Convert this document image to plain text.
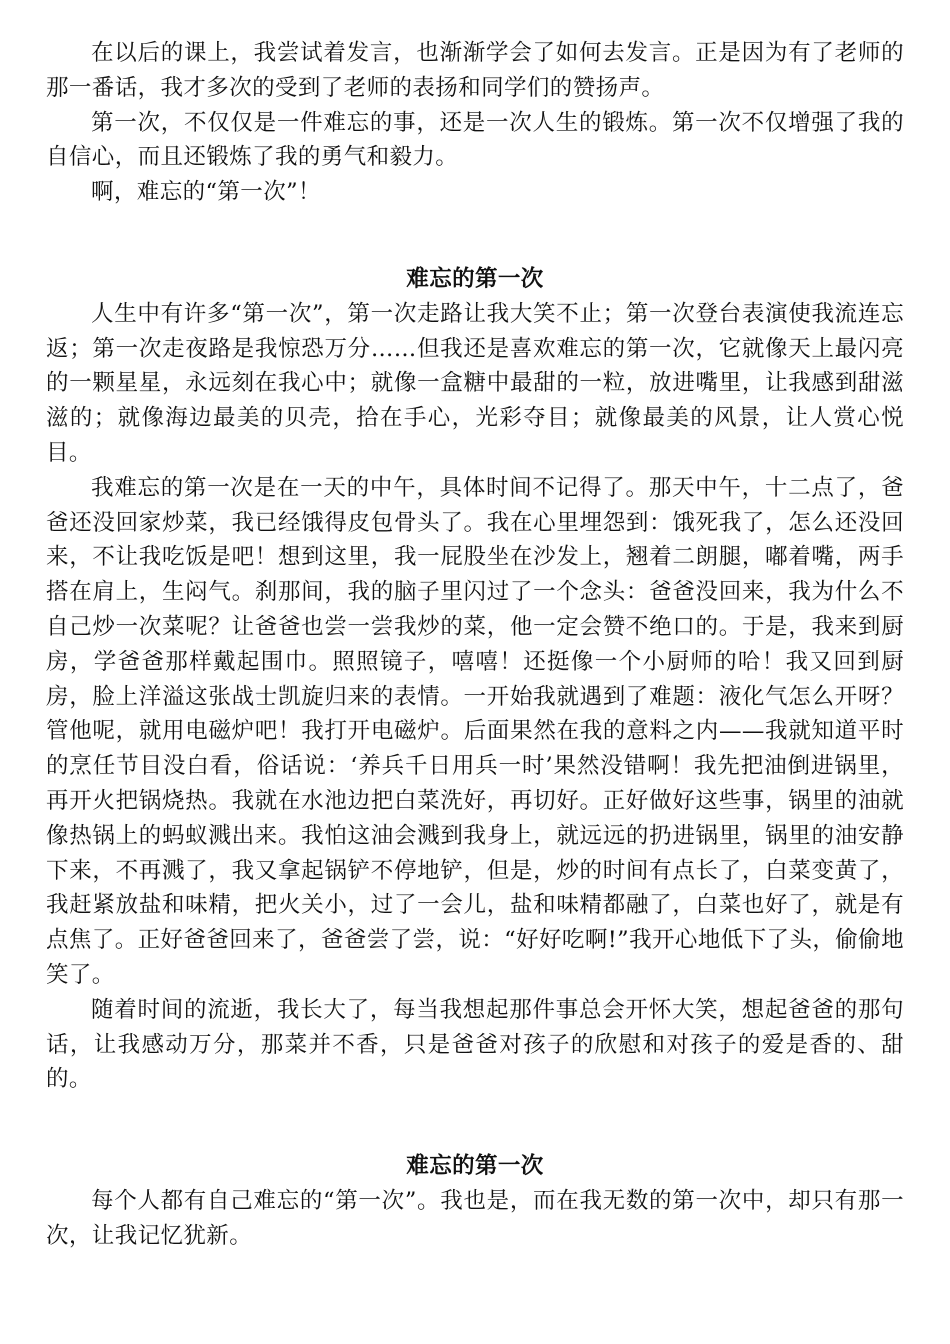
在以后的课上，我尝试着发言，也渐渐学会了如何去发言。正是因为有了老师的那一番话，我才多次的受到了老师的表扬和同学们的赞扬声。

第一次，不仅仅是一件难忘的事，还是一次人生的锻炼。第一次不仅增强了我的自信心，而且还锻炼了我的勇气和毅力。

啊，难忘的“第一次”！

难忘的第一次

人生中有许多“第一次”，第一次走路让我大笑不止；第一次登台表演使我流连忘返；第一次走夜路是我惊恐万分……但我还是喜欢难忘的第一次，它就像天上最闪亮的一颗星星，永远刻在我心中；就像一盒糖中最甜的一粒，放进嘴里，让我感到甜滋滋的；就像海边最美的贝壳，拾在手心，光彩夺目；就像最美的风景，让人赏心悦目。

我难忘的第一次是在一天的中午，具体时间不记得了。那天中午，十二点了，爸爸还没回家炒菜，我已经饿得皮包骨头了。我在心里埋怨到：饿死我了，怎么还没回来，不让我吃饭是吧！想到这里，我一屁股坐在沙发上，翘着二朗腿，嘟着嘴，两手搭在肩上，生闷气。刹那间，我的脑子里闪过了一个念头：爸爸没回来，我为什么不自己炒一次菜呢？让爸爸也尝一尝我炒的菜，他一定会赞不绝口的。于是，我来到厨房，学爸爸那样戴起围巾。照照镜子，嘻嘻！还挺像一个小厨师的哈！我又回到厨房，脸上洋溢这张战士凯旋归来的表情。一开始我就遇到了难题：液化气怎么开呀？管他呢，就用电磁炉吧！我打开电磁炉。后面果然在我的意料之内——我就知道平时的烹任节目没白看，俗话说：‘养兵千日用兵一时’果然没错啊！我先把油倒进锅里，再开火把锅烧热。我就在水池边把白菜洗好，再切好。正好做好这些事，锅里的油就像热锅上的蚂蚁溅出来。我怕这油会溅到我身上，就远远的扔进锅里，锅里的油安静下来，不再溅了，我又拿起锅铲不停地铲，但是，炒的时间有点长了，白菜变黄了，我赶紧放盐和味精，把火关小，过了一会儿，盐和味精都融了，白菜也好了，就是有点焦了。正好爸爸回来了，爸爸尝了尝，说：“好好吃啊!”我开心地低下了头，偷偷地笑了。

随着时间的流逝，我长大了，每当我想起那件事总会开怀大笑，想起爸爸的那句话，让我感动万分，那菜并不香，只是爸爸对孩子的欣慰和对孩子的爱是香的、甜的。

难忘的第一次

每个人都有自己难忘的“第一次”。我也是，而在我无数的第一次中，却只有那一次，让我记忆犹新。
